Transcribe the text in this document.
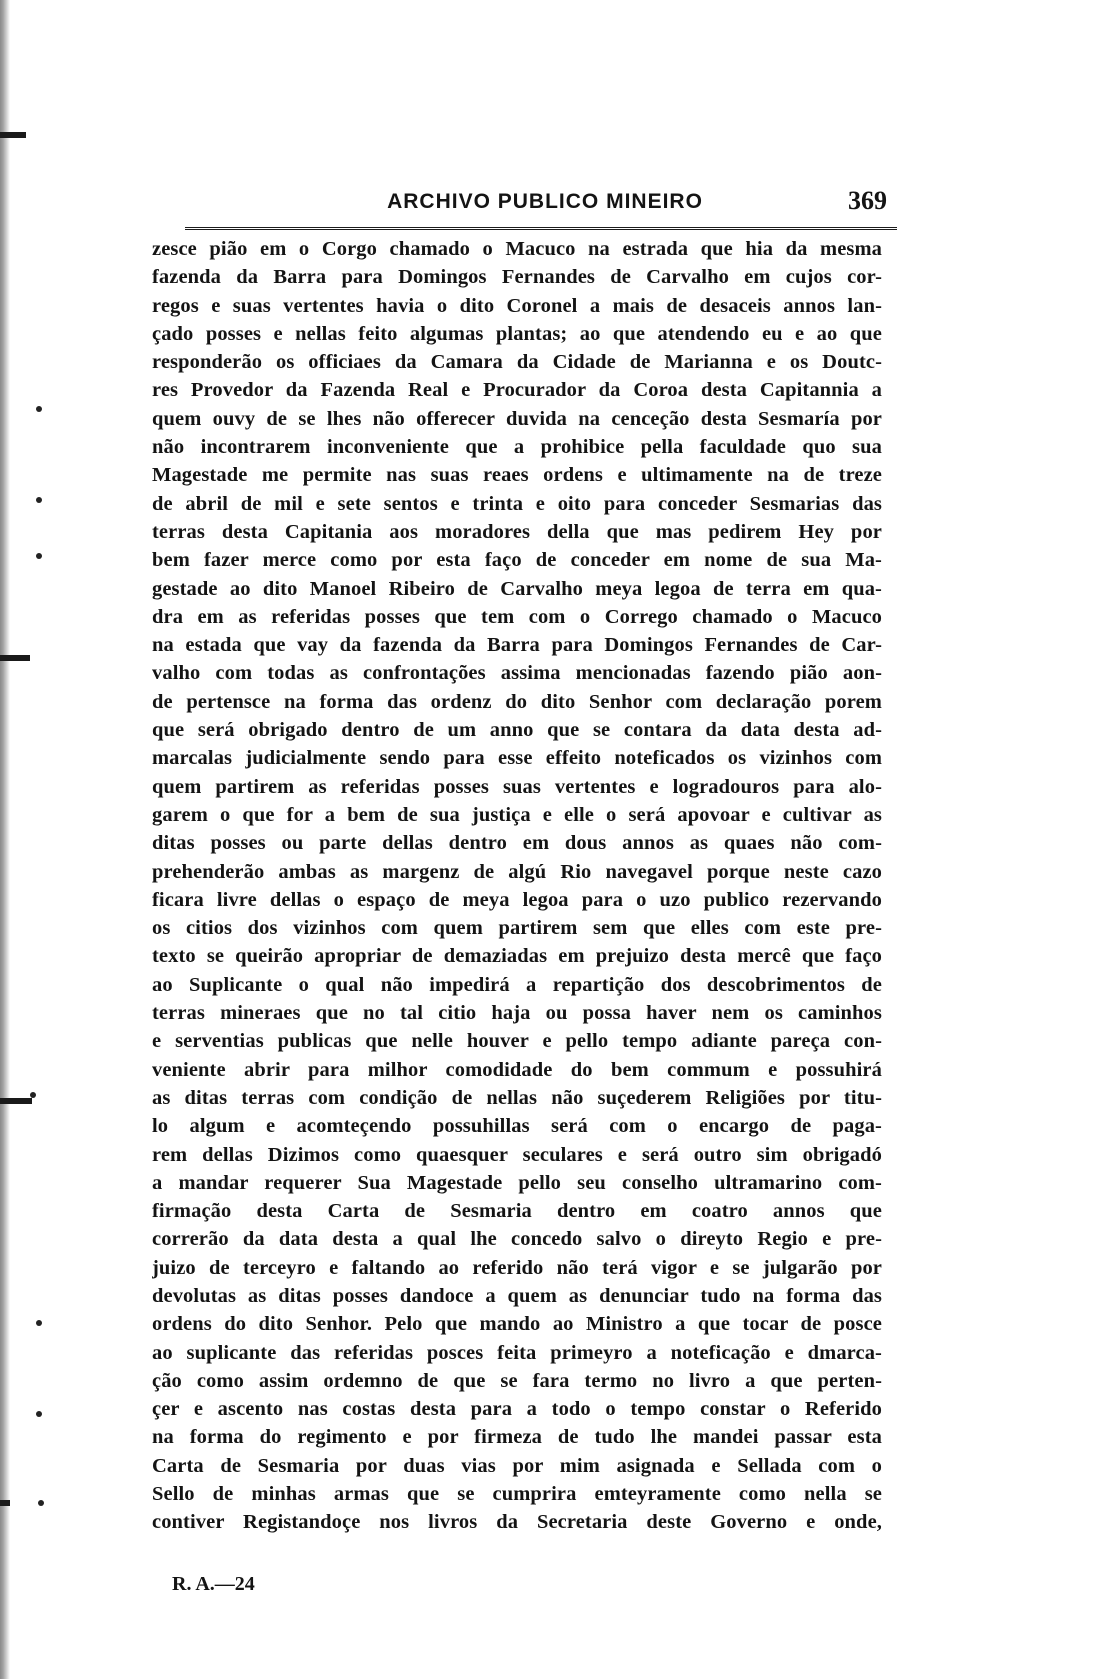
ARCHIVO PUBLICO MINEIRO	369
zesce pião em o Corgo chamado o Macuco na estrada que hia da mesma
fazenda da Barra para Domingos Fernandes de Carvalho em cujos cor-
regos e suas vertentes havia o dito Coronel a mais de desaceis annos lan-
çado posses e nellas feito algumas plantas; ao que atendendo eu e ao que
responderão os officiaes da Camara da Cidade de Marianna e os Doutc-
res Provedor da Fazenda Real e Procurador da Coroa desta Capitannia a
quem ouvy de se lhes não offerecer duvida na cenceção desta Sesmaría por
não incontrarem inconveniente que a prohibice pella faculdade quo sua
Magestade me permite nas suas reaes ordens e ultimamente na de treze
de abril de mil e sete sentos e trinta e oito para conceder Sesmarias das
terras desta Capitania aos moradores della que mas pedirem Hey por
bem fazer merce como por esta faço de conceder em nome de sua Ma-
gestade ao dito Manoel Ribeiro de Carvalho meya legoa de terra em qua-
dra em as referidas posses que tem com o Corrego chamado o Macuco
na estada que vay da fazenda da Barra para Domingos Fernandes de Car-
valho com todas as confrontações assima mencionadas fazendo pião aon-
de pertensce na forma das ordenz do dito Senhor com declaração porem
que será obrigado dentro de um anno que se contara da data desta ad-
marcalas judicialmente sendo para esse effeito noteficados os vizinhos com
quem partirem as referidas posses suas vertentes e logradouros para alo-
garem o que for a bem de sua justiça e elle o será apovoar e cultivar as
ditas posses ou parte dellas dentro em dous annos as quaes não com-
prehenderão ambas as margenz de algú Rio navegavel porque neste cazo
ficara livre dellas o espaço de meya legoa para o uzo publico rezervando
os citios dos vizinhos com quem partirem sem que elles com este pre-
texto se queirão apropriar de demaziadas em prejuizo desta mercê que faço
ao Suplicante o qual não impedirá a repartição dos descobrimentos de
terras mineraes que no tal citio haja ou possa haver nem os caminhos
e serventias publicas que nelle houver e pello tempo adiante pareça con-
veniente abrir para milhor comodidade do bem commum e possuhirá
as ditas terras com condição de nellas não suçederem Religiões por titu-
lo algum e acomteçendo possuhillas será com o encargo de paga-
rem dellas Dizimos como quaesquer seculares e será outro sim obrigadó
a mandar requerer Sua Magestade pello seu conselho ultramarino com-
firmação desta Carta de Sesmaria dentro em coatro annos que
correrão da data desta a qual lhe concedo salvo o direyto Regio e pre-
juizo de terceyro e faltando ao referido não terá vigor e se julgarão por
devolutas as ditas posses dandoce a quem as denunciar tudo na forma das
ordens do dito Senhor. Pelo que mando ao Ministro a que tocar de posce
ao suplicante das referidas posces feita primeyro a noteficação e dmarca-
ção como assim ordemno de que se fara termo no livro a que perten-
çer e ascento nas costas desta para a todo o tempo constar o Referido
na forma do regimento e por firmeza de tudo lhe mandei passar esta
Carta de Sesmaria por duas vias por mim asignada e Sellada com o
Sello de minhas armas que se cumprira emteyramente como nella se
contiver Registandoçe nos livros da Secretaria deste Governo e onde,
R. A.—24
